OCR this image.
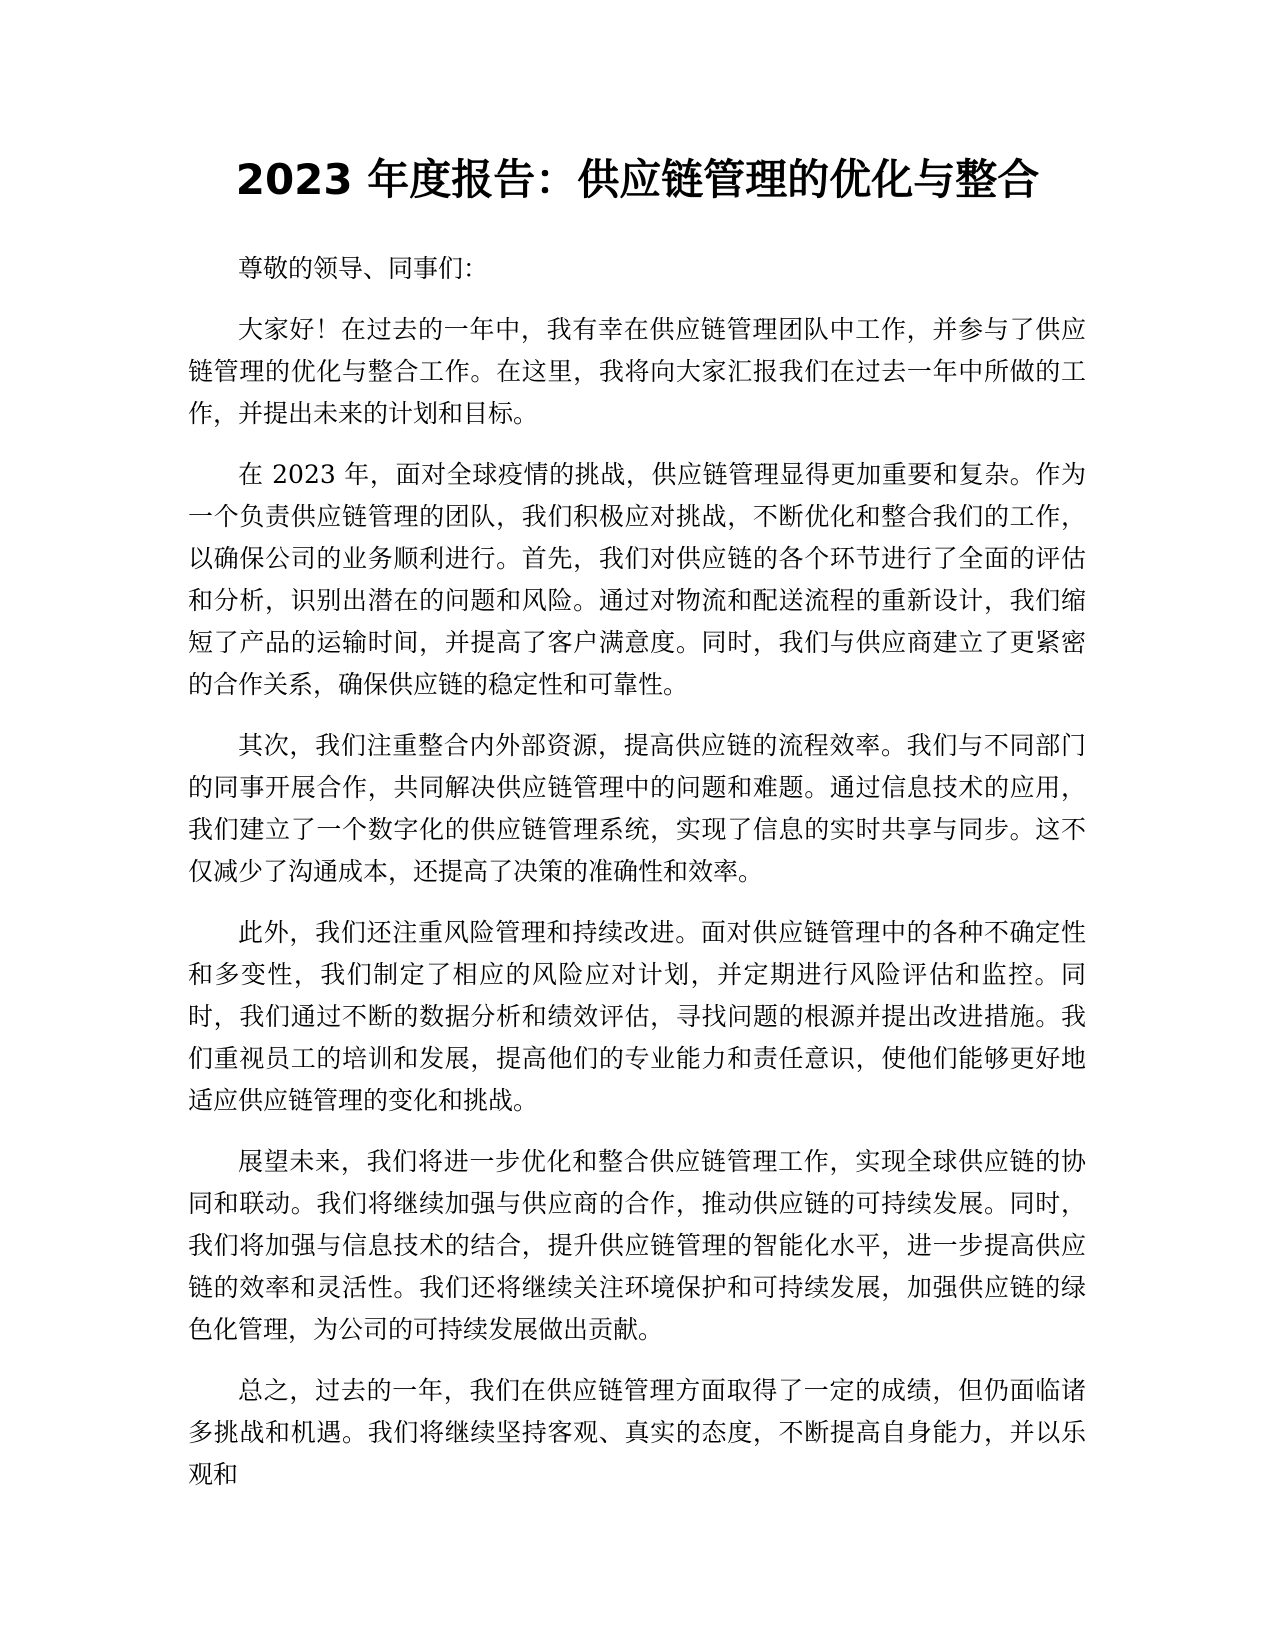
2023 年度报告：供应链管理的优化与整合

尊敬的领导、同事们：

大家好！在过去的一年中，我有幸在供应链管理团队中工作，并参与了供应链管理的优化与整合工作。在这里，我将向大家汇报我们在过去一年中所做的工作，并提出未来的计划和目标。

在 2023 年，面对全球疫情的挑战，供应链管理显得更加重要和复杂。作为一个负责供应链管理的团队，我们积极应对挑战，不断优化和整合我们的工作，以确保公司的业务顺利进行。首先，我们对供应链的各个环节进行了全面的评估和分析，识别出潜在的问题和风险。通过对物流和配送流程的重新设计，我们缩短了产品的运输时间，并提高了客户满意度。同时，我们与供应商建立了更紧密的合作关系，确保供应链的稳定性和可靠性。

其次，我们注重整合内外部资源，提高供应链的流程效率。我们与不同部门的同事开展合作，共同解决供应链管理中的问题和难题。通过信息技术的应用，我们建立了一个数字化的供应链管理系统，实现了信息的实时共享与同步。这不仅减少了沟通成本，还提高了决策的准确性和效率。

此外，我们还注重风险管理和持续改进。面对供应链管理中的各种不确定性和多变性，我们制定了相应的风险应对计划，并定期进行风险评估和监控。同时，我们通过不断的数据分析和绩效评估，寻找问题的根源并提出改进措施。我们重视员工的培训和发展，提高他们的专业能力和责任意识，使他们能够更好地适应供应链管理的变化和挑战。

展望未来，我们将进一步优化和整合供应链管理工作，实现全球供应链的协同和联动。我们将继续加强与供应商的合作，推动供应链的可持续发展。同时，我们将加强与信息技术的结合，提升供应链管理的智能化水平，进一步提高供应链的效率和灵活性。我们还将继续关注环境保护和可持续发展，加强供应链的绿色化管理，为公司的可持续发展做出贡献。

总之，过去的一年，我们在供应链管理方面取得了一定的成绩，但仍面临诸多挑战和机遇。我们将继续坚持客观、真实的态度，不断提高自身能力，并以乐观和
